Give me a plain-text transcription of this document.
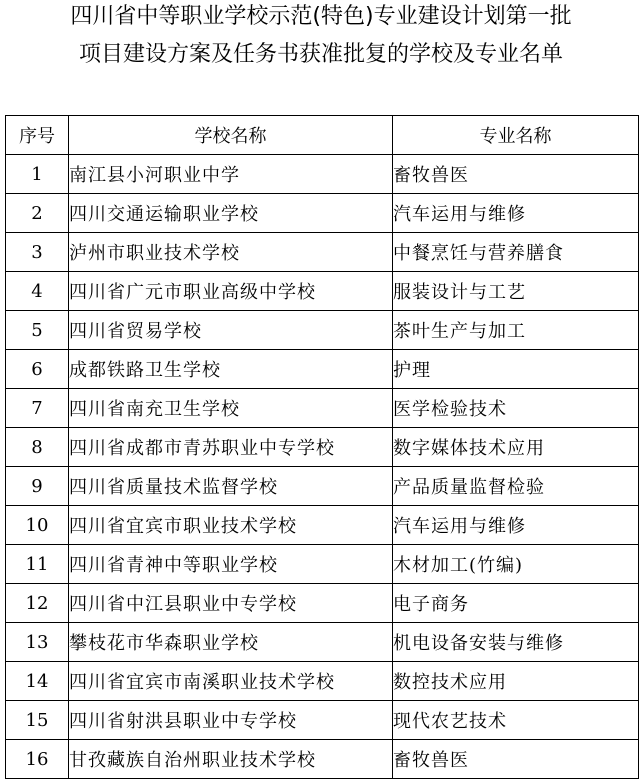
四川省中等职业学校示范(特色)专业建设计划第一批
项目建设方案及任务书获准批复的学校及专业名单
序号	学校名称	专业名称
1	南江县小河职业中学	畜牧兽医
2	四川交通运输职业学校	汽车运用与维修
3	泸州市职业技术学校	中餐烹饪与营养膳食
4	四川省广元市职业高级中学校	服装设计与工艺
5	四川省贸易学校	茶叶生产与加工
6	成都铁路卫生学校	护理
7	四川省南充卫生学校	医学检验技术
8	四川省成都市青苏职业中专学校	数字媒体技术应用
9	四川省质量技术监督学校	产品质量监督检验
10	四川省宜宾市职业技术学校	汽车运用与维修
11	四川省青神中等职业学校	木材加工(竹编)
12	四川省中江县职业中专学校	电子商务
13	攀枝花市华森职业学校	机电设备安装与维修
14	四川省宜宾市南溪职业技术学校	数控技术应用
15	四川省射洪县职业中专学校	现代农艺技术
16	甘孜藏族自治州职业技术学校	畜牧兽医
